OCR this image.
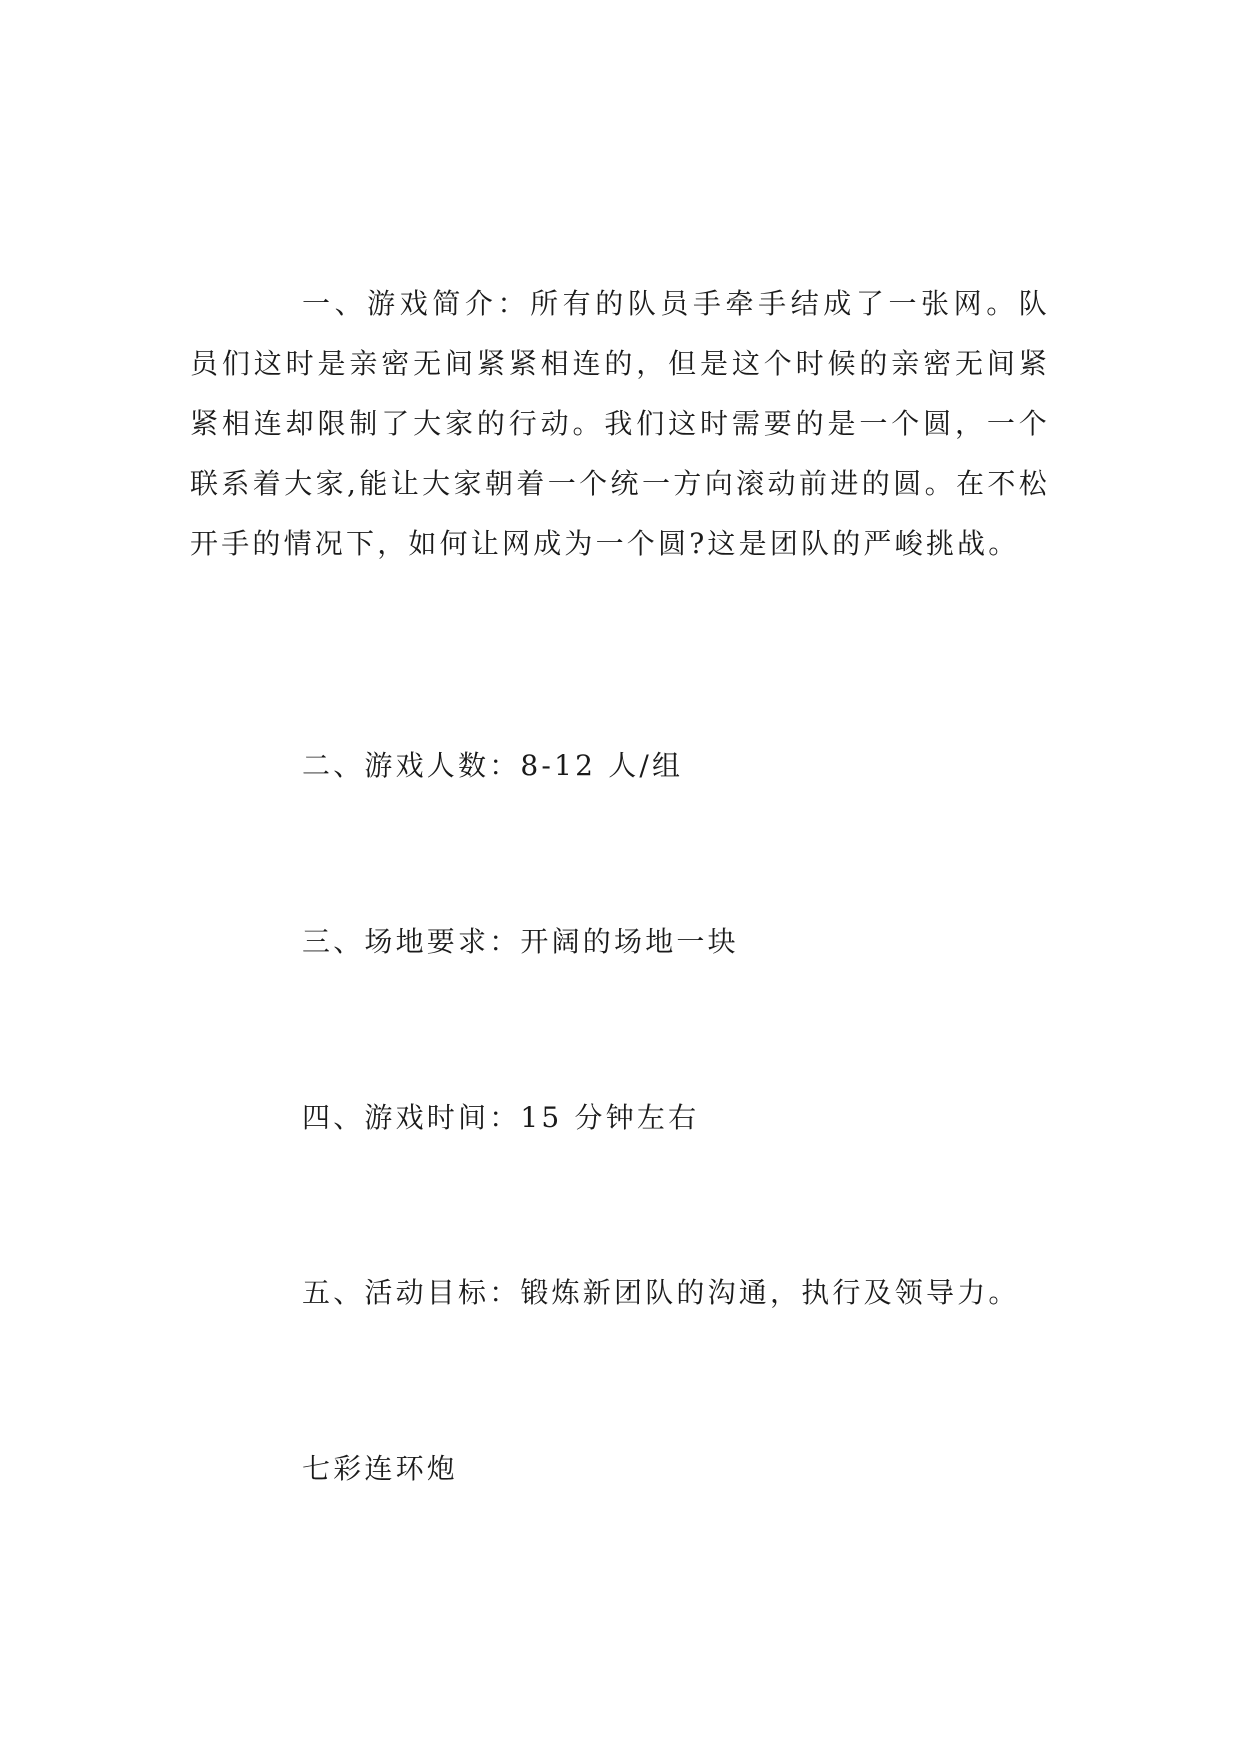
一、游戏简介：所有的队员手牵手结成了一张网。队员们这时是亲密无间紧紧相连的，但是这个时候的亲密无间紧紧相连却限制了大家的行动。我们这时需要的是一个圆，一个联系着大家,能让大家朝着一个统一方向滚动前进的圆。在不松开手的情况下，如何让网成为一个圆?这是团队的严峻挑战。

二、游戏人数：8-12 人/组

三、场地要求：开阔的场地一块

四、游戏时间：15 分钟左右

五、活动目标：锻炼新团队的沟通，执行及领导力。

七彩连环炮
